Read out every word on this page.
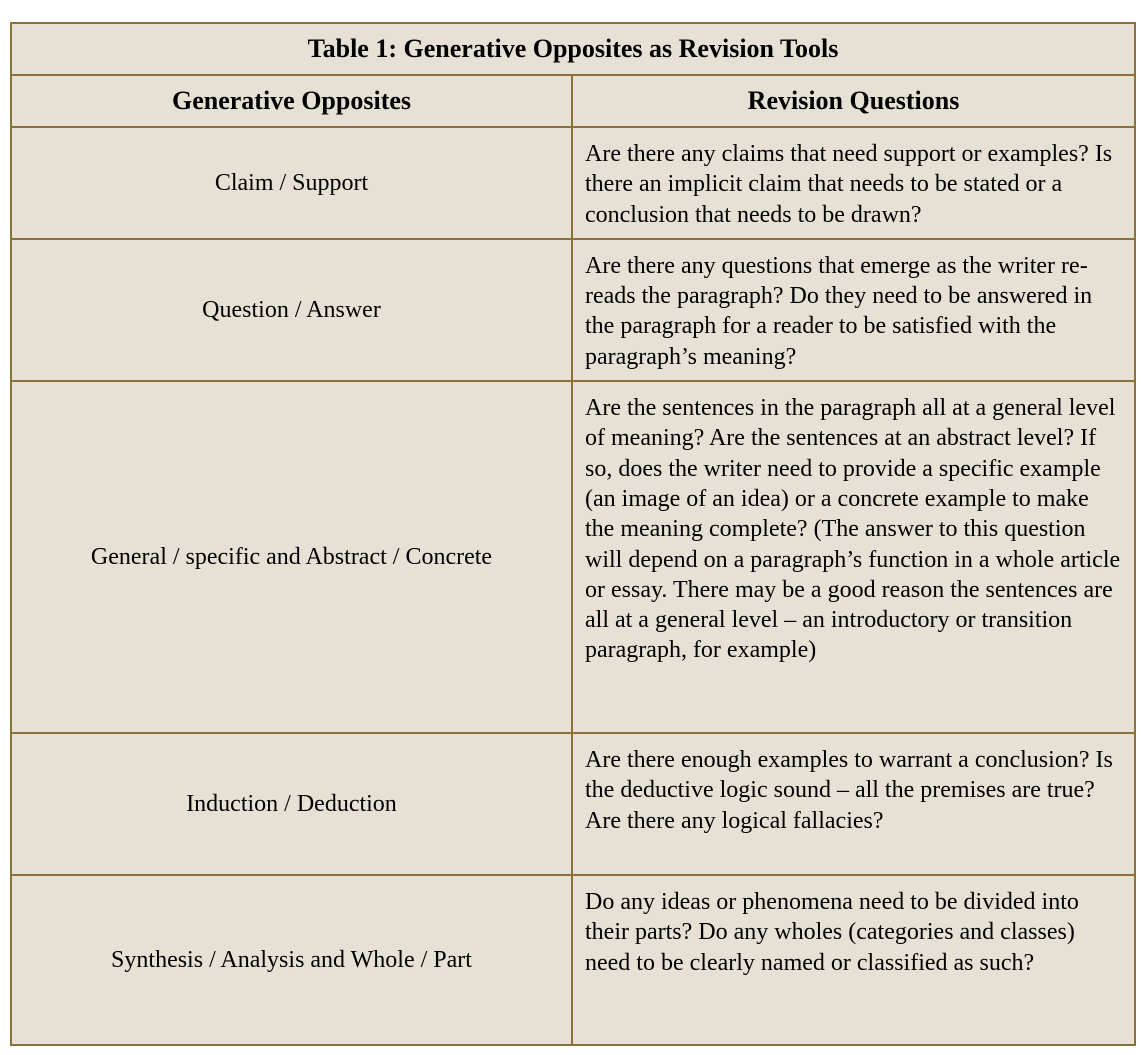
Table 1: Generative Opposites as Revision Tools	
Generative Opposites	Revision Questions
Claim / Support	Are there any claims that need support or examples? Is there an implicit claim that needs to be stated or a conclusion that needs to be drawn?
Question / Answer	Are there any questions that emerge as the writer re-reads the paragraph? Do they need to be answered in the paragraph for a reader to be satisfied with the paragraph’s meaning?
General / specific and Abstract / Concrete	Are the sentences in the paragraph all at a general level of meaning? Are the sentences at an abstract level? If so, does the writer need to provide a specific example (an image of an idea) or a concrete example to make the meaning complete? (The answer to this question will depend on a paragraph’s function in a whole article or essay. There may be a good reason the sentences are all at a general level – an introductory or transition paragraph, for example)
Induction / Deduction	Are there enough examples to warrant a conclusion? Is the deductive logic sound – all the premises are true? Are there any logical fallacies?
Synthesis / Analysis and Whole / Part	Do any ideas or phenomena need to be divided into their parts? Do any wholes (categories and classes) need to be clearly named or classified as such?
